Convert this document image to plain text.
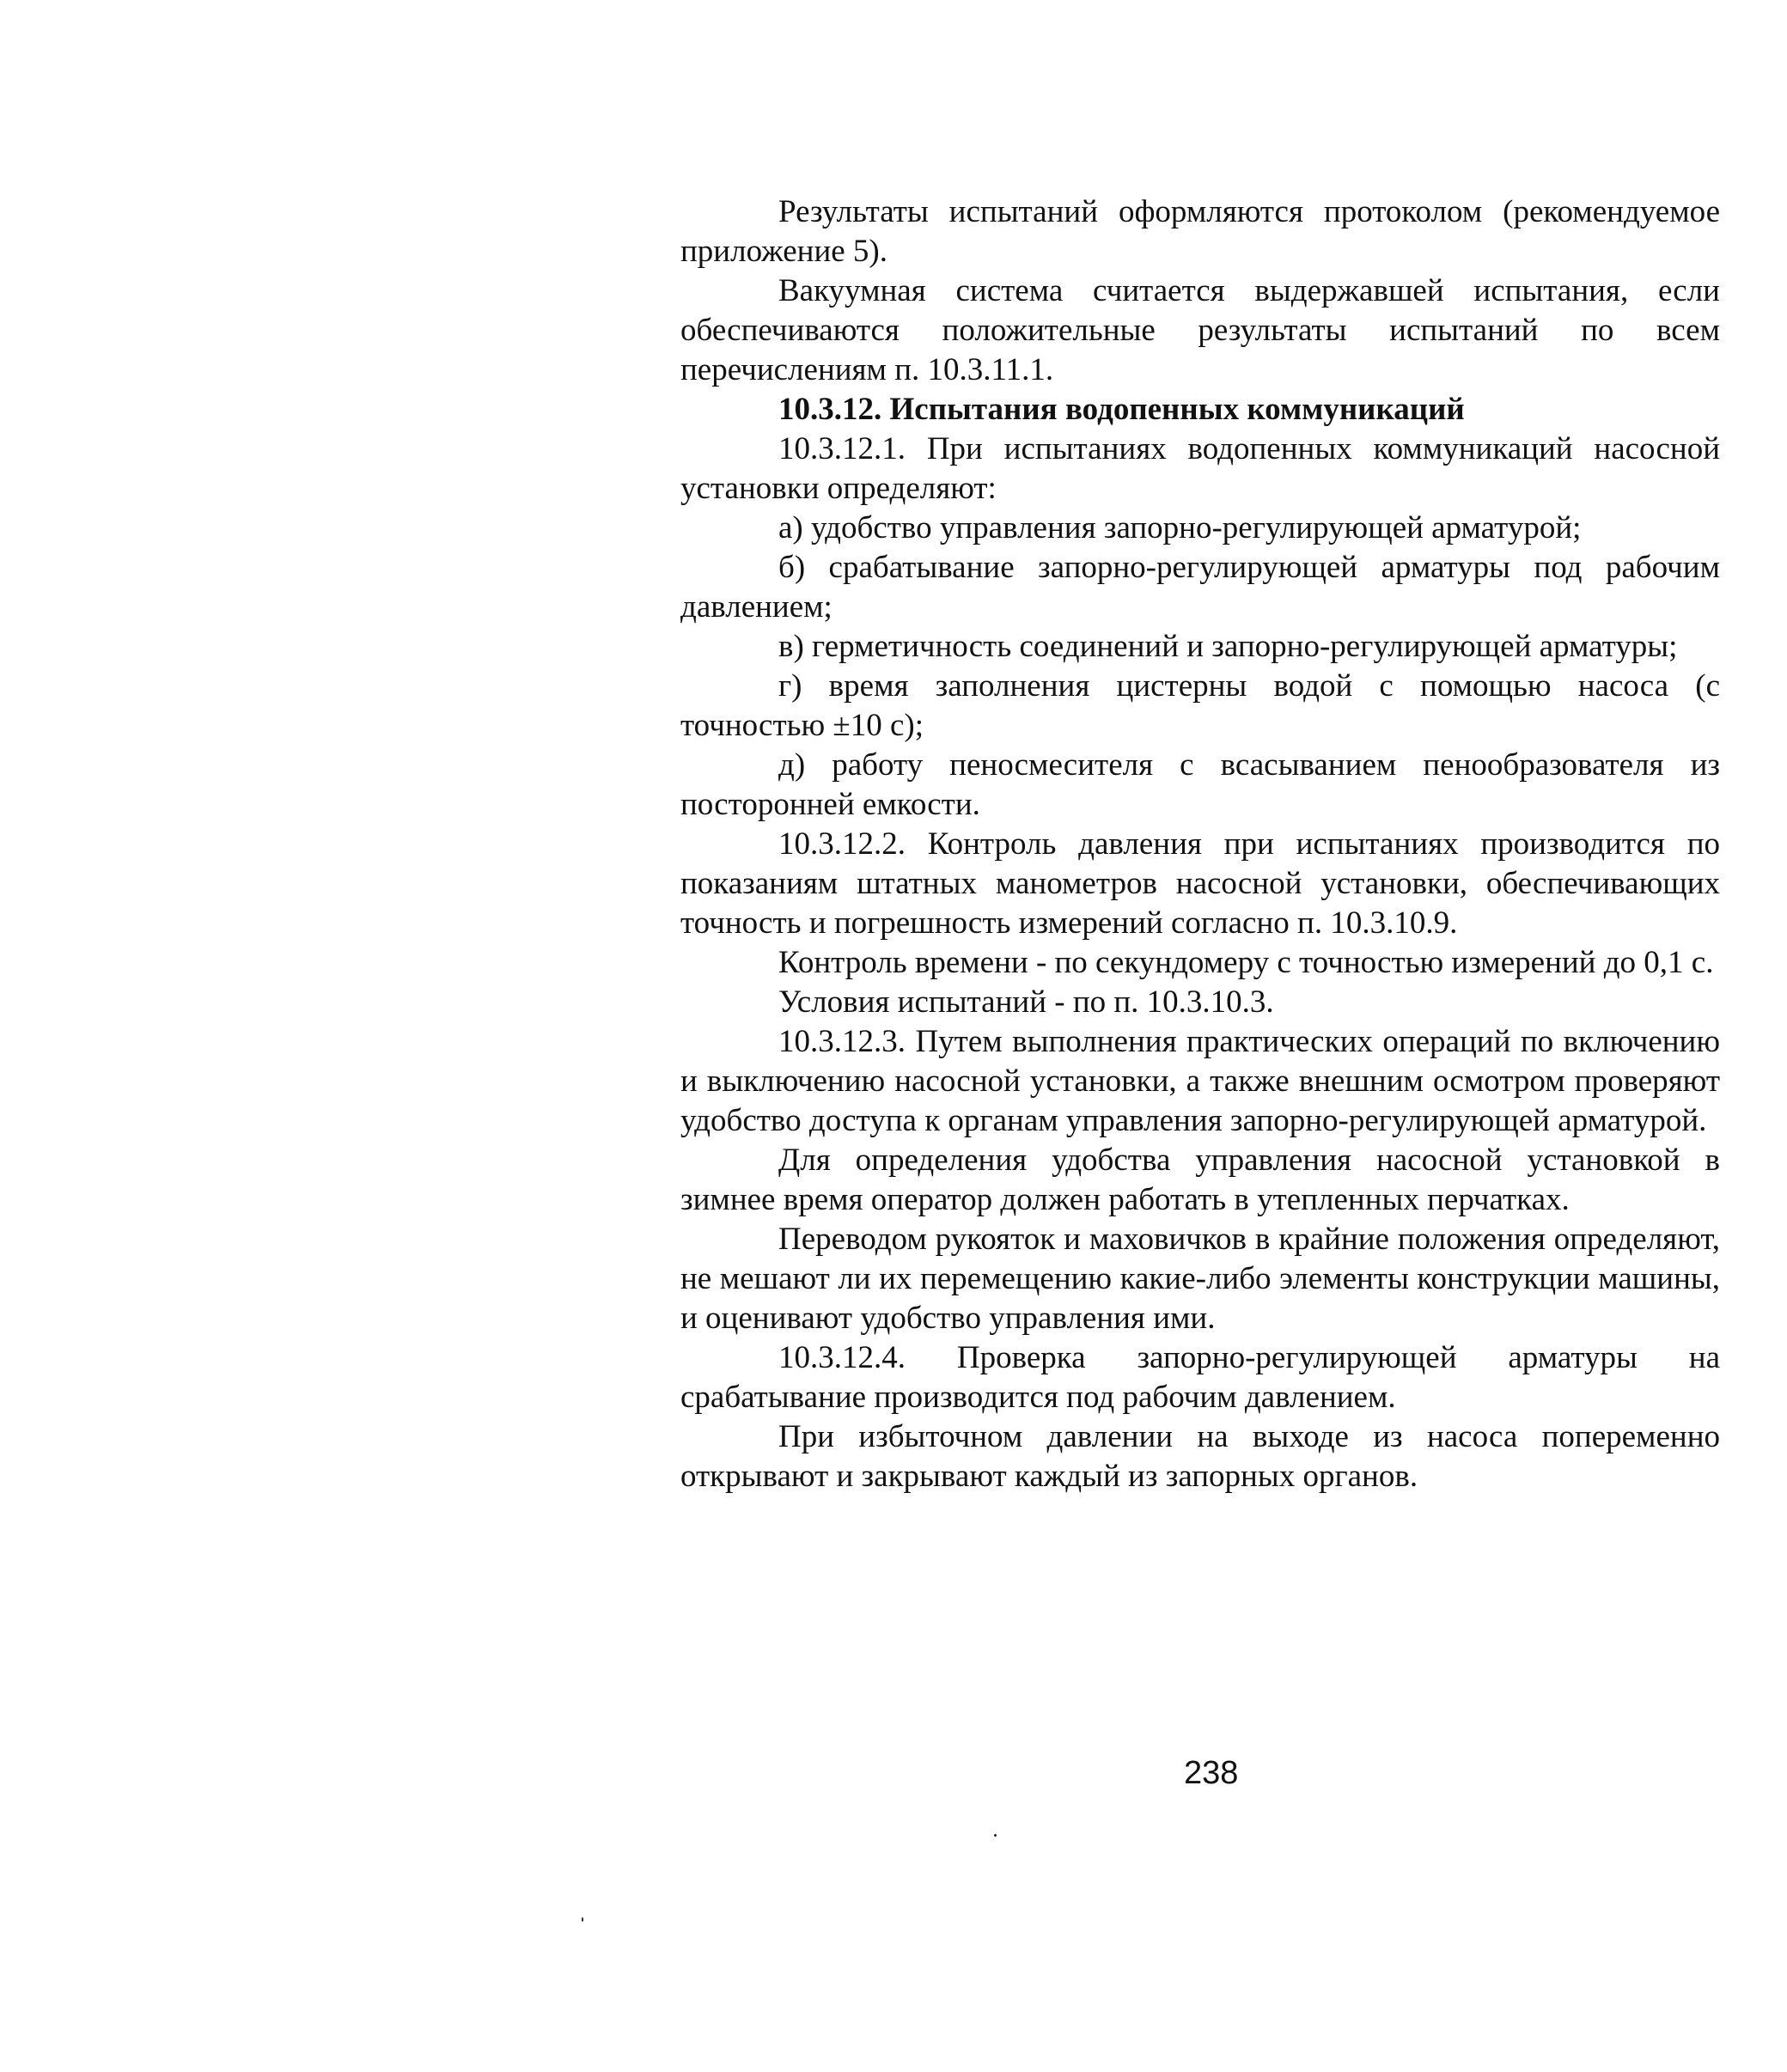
Результаты испытаний оформляются протоколом (рекомендуемое приложение 5).

Вакуумная система считается выдержавшей испытания, если обеспечиваются положительные результаты испытаний по всем перечислениям п. 10.3.11.1.

10.3.12. Испытания водопенных коммуникаций

10.3.12.1. При испытаниях водопенных коммуникаций насосной установки определяют:

а) удобство управления запорно-регулирующей арматурой;

б) срабатывание запорно-регулирующей арматуры под рабочим давлением;

в) герметичность соединений и запорно-регулирующей арматуры;

г) время заполнения цистерны водой с помощью насоса (с точностью ±10 с);

д) работу пеносмесителя с всасыванием пенообразователя из посторонней емкости.

10.3.12.2. Контроль давления при испытаниях производится по показаниям штатных манометров насосной установки, обеспечивающих точность и погрешность измерений согласно п. 10.3.10.9.

Контроль времени - по секундомеру с точностью измерений до 0,1 с.

Условия испытаний - по п. 10.3.10.3.

10.3.12.3. Путем выполнения практических операций по включению и выключению насосной установки, а также внешним осмотром проверяют удобство доступа к органам управления запорно-регулирующей арматурой.

Для определения удобства управления насосной установкой в зимнее время оператор должен работать в утепленных перчатках.

Переводом рукояток и маховичков в крайние положения определяют, не мешают ли их перемещению какие-либо элементы конструкции машины, и оценивают удобство управления ими.

10.3.12.4. Проверка запорно-регулирующей арматуры на срабатывание производится под рабочим давлением.

При избыточном давлении на выходе из насоса попеременно открывают и закрывают каждый из запорных органов.

238
